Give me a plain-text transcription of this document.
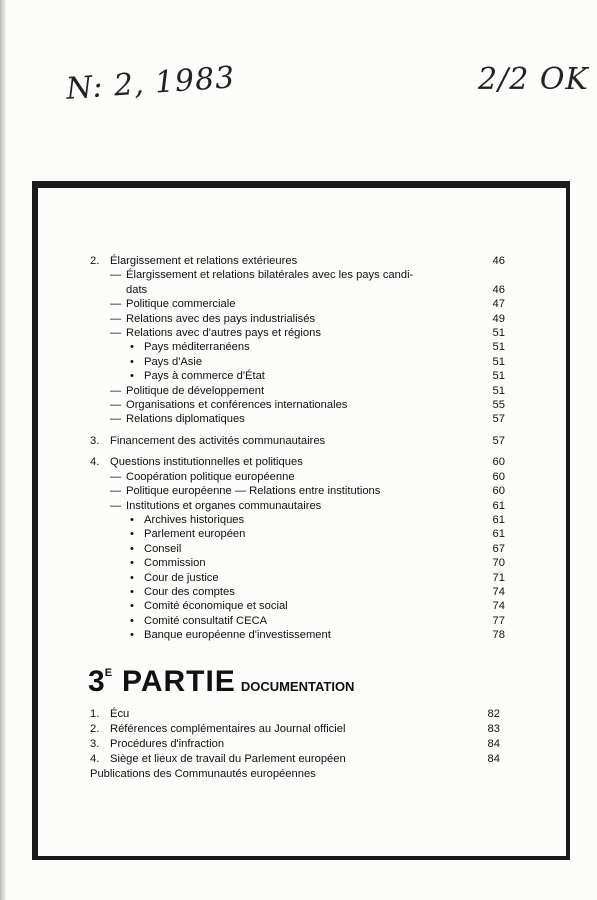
N: 2, 1983	2/2 OK
2. Élargissement et relations extérieures	46
— Élargissement et relations bilatérales avec les pays candi-
dats	46
— Politique commerciale	47
— Relations avec des pays industrialisés	49
— Relations avec d'autres pays et régions	51
• Pays méditerranéens	51
• Pays d'Asie	51
• Pays à commerce d'État	51
— Politique de développement	51
— Organisations et conférences internationales	55
— Relations diplomatiques	57
3. Financement des activités communautaires	57
4. Questions institutionnelles et politiques	60
— Coopération politique européenne	60
— Politique européenne — Relations entre institutions	60
— Institutions et organes communautaires	61
• Archives historiques	61
• Parlement européen	61
• Conseil	67
• Commission	70
• Cour de justice	71
• Cour des comptes	74
• Comité économique et social	74
• Comité consultatif CECA	77
• Banque européenne d'investissement	78
$3^E$ PARTIE DOCUMENTATION
1. Écu	82
2. Références complémentaires au Journal officiel	83
3. Procédures d'infraction	84
4. Siège et lieux de travail du Parlement européen	84
Publications des Communautés européennes
